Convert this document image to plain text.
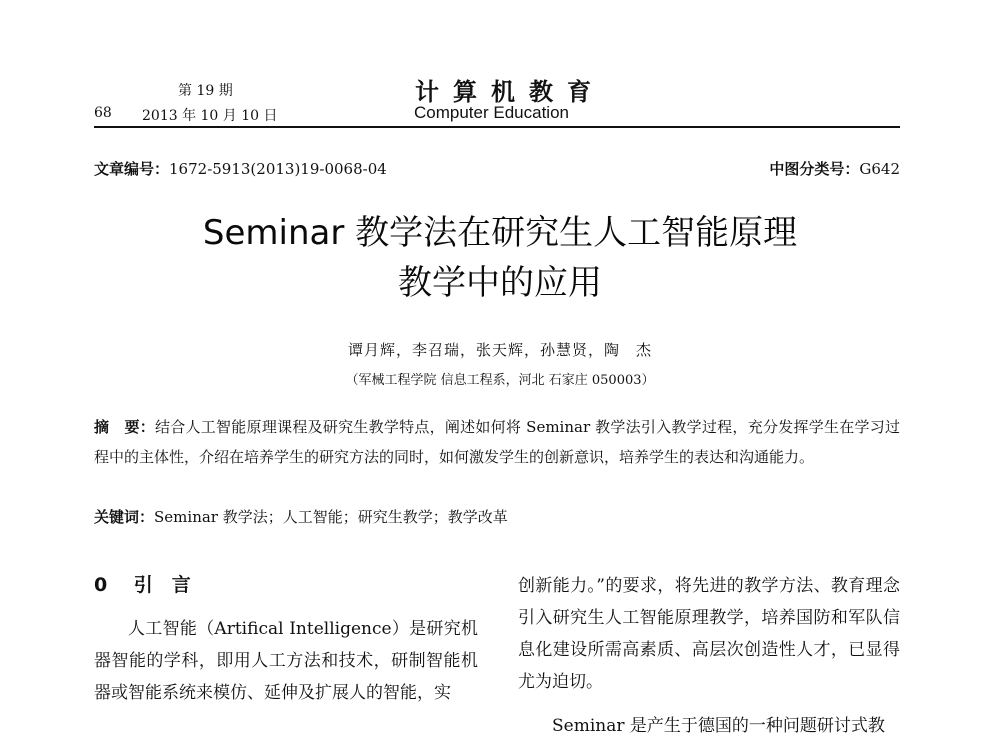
第 19 期
68 2013 年 10 月 10 日
计算机教育
Computer Education
文章编号：1672-5913(2013)19-0068-04	中图分类号：G642
Seminar 教学法在研究生人工智能原理
教学中的应用
谭月辉，李召瑞，张天辉，孙慧贤，陶　杰
（军械工程学院 信息工程系，河北 石家庄 050003）
摘　要：结合人工智能原理课程及研究生教学特点，阐述如何将 Seminar 教学法引入教学过程，充分发挥学生在学习过程中的主体性，介绍在培养学生的研究方法的同时，如何激发学生的创新意识，培养学生的表达和沟通能力。
关键词：Seminar 教学法；人工智能；研究生教学；教学改革
0 引　言
人工智能（Artifical Intelligence）是研究机器智能的学科，即用人工方法和技术，研制智能机器或智能系统来模仿、延伸及扩展人的智能，实
创新能力。”的要求，将先进的教学方法、教育理念引入研究生人工智能原理教学，培养国防和军队信息化建设所需高素质、高层次创造性人才，已显得尤为迫切。
Seminar 是产生于德国的一种问题研讨式教
